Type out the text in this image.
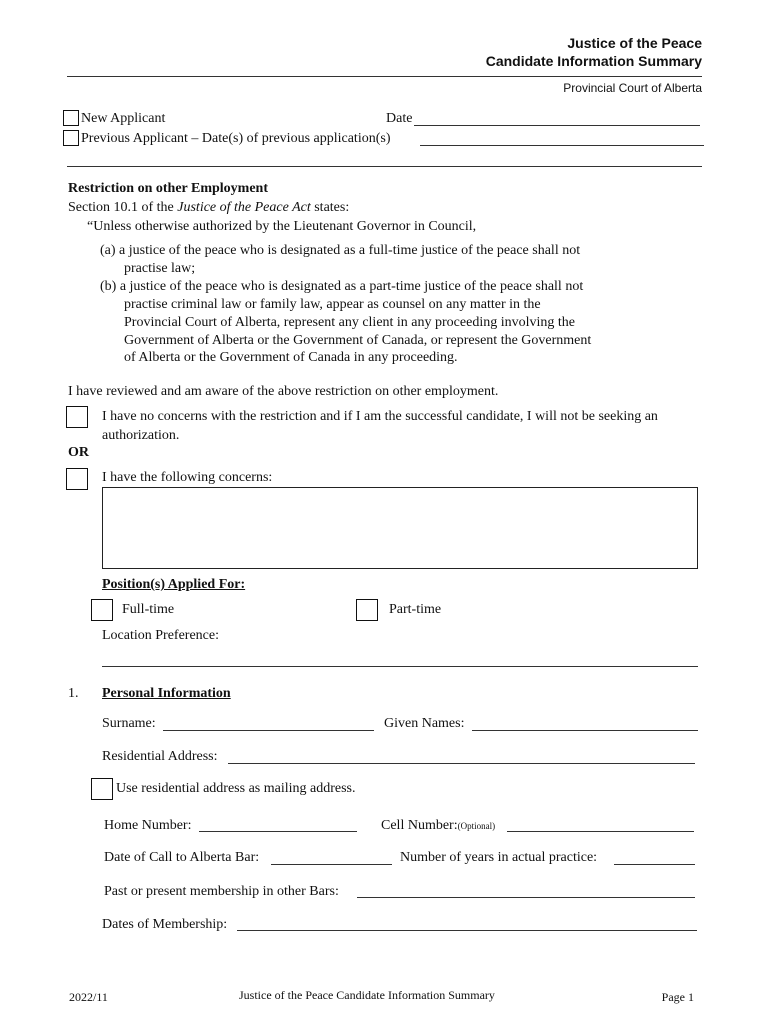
Justice of the Peace
Candidate Information Summary
Provincial Court of Alberta
New Applicant	Date
Previous Applicant – Date(s) of previous application(s)
Restriction on other Employment
Section 10.1 of the Justice of the Peace Act states:
“Unless otherwise authorized by the Lieutenant Governor in Council,
(a) a justice of the peace who is designated as a full-time justice of the peace shall not
practise law;
(b) a justice of the peace who is designated as a part-time justice of the peace shall not
practise criminal law or family law, appear as counsel on any matter in the
Provincial Court of Alberta, represent any client in any proceeding involving the
Government of Alberta or the Government of Canada, or represent the Government
of Alberta or the Government of Canada in any proceeding.
I have reviewed and am aware of the above restriction on other employment.
I have no concerns with the restriction and if I am the successful candidate, I will not be seeking an
authorization.
OR
I have the following concerns:
Position(s) Applied For:
Full-time	Part-time
Location Preference:
1. Personal Information
Surname:	Given Names:
Residential Address:
Use residential address as mailing address.
Home Number:	Cell Number:(Optional)
Date of Call to Alberta Bar:	Number of years in actual practice:
Past or present membership in other Bars:
Dates of Membership:
2022/11	Justice of the Peace Candidate Information Summary	Page 1
